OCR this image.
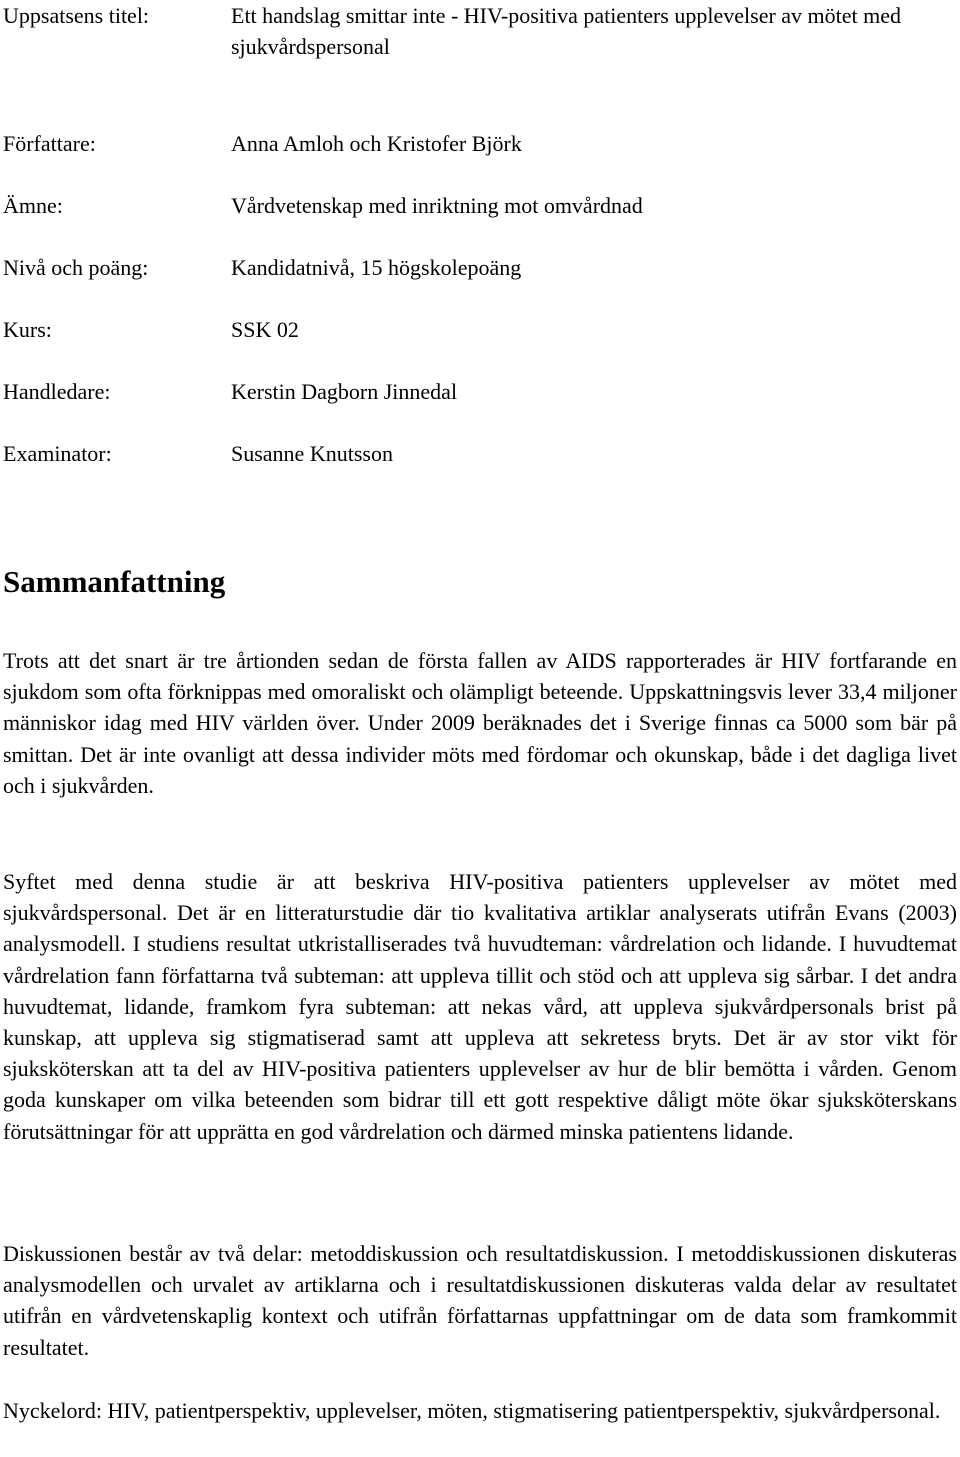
Uppsatsens titel:	Ett handslag smittar inte - HIV-positiva patienters upplevelser av mötet med sjukvårdspersonal
Författare:	Anna Amloh och Kristofer Björk
Ämne:	Vårdvetenskap med inriktning mot omvårdnad
Nivå och poäng:	Kandidatnivå, 15 högskolepoäng
Kurs:	SSK 02
Handledare:	Kerstin Dagborn Jinnedal
Examinator:	Susanne Knutsson
Sammanfattning

Trots att det snart är tre årtionden sedan de första fallen av AIDS rapporterades är HIV fortfarande en sjukdom som ofta förknippas med omoraliskt och olämpligt beteende. Uppskattningsvis lever 33,4 miljoner människor idag med HIV världen över. Under 2009 beräknades det i Sverige finnas ca 5000 som bär på smittan. Det är inte ovanligt att dessa individer möts med fördomar och okunskap, både i det dagliga livet och i sjukvården.

Syftet med denna studie är att beskriva HIV-positiva patienters upplevelser av mötet med sjukvårdspersonal. Det är en litteraturstudie där tio kvalitativa artiklar analyserats utifrån Evans (2003) analysmodell. I studiens resultat utkristalliserades två huvudteman: vårdrelation och lidande. I huvudtemat vårdrelation fann författarna två subteman: att uppleva tillit och stöd och att uppleva sig sårbar. I det andra huvudtemat, lidande, framkom fyra subteman: att nekas vård, att uppleva sjukvårdpersonals brist på kunskap, att uppleva sig stigmatiserad samt att uppleva att sekretess bryts. Det är av stor vikt för sjuksköterskan att ta del av HIV-positiva patienters upplevelser av hur de blir bemötta i vården. Genom goda kunskaper om vilka beteenden som bidrar till ett gott respektive dåligt möte ökar sjuksköterskans förutsättningar för att upprätta en god vårdrelation och därmed minska patientens lidande.

Diskussionen består av två delar: metoddiskussion och resultatdiskussion. I metoddiskussionen diskuteras analysmodellen och urvalet av artiklarna och i resultatdiskussionen diskuteras valda delar av resultatet utifrån en vårdvetenskaplig kontext och utifrån författarnas uppfattningar om de data som framkommit resultatet.

Nyckelord: HIV, patientperspektiv, upplevelser, möten, stigmatisering patientperspektiv, sjukvårdpersonal.
